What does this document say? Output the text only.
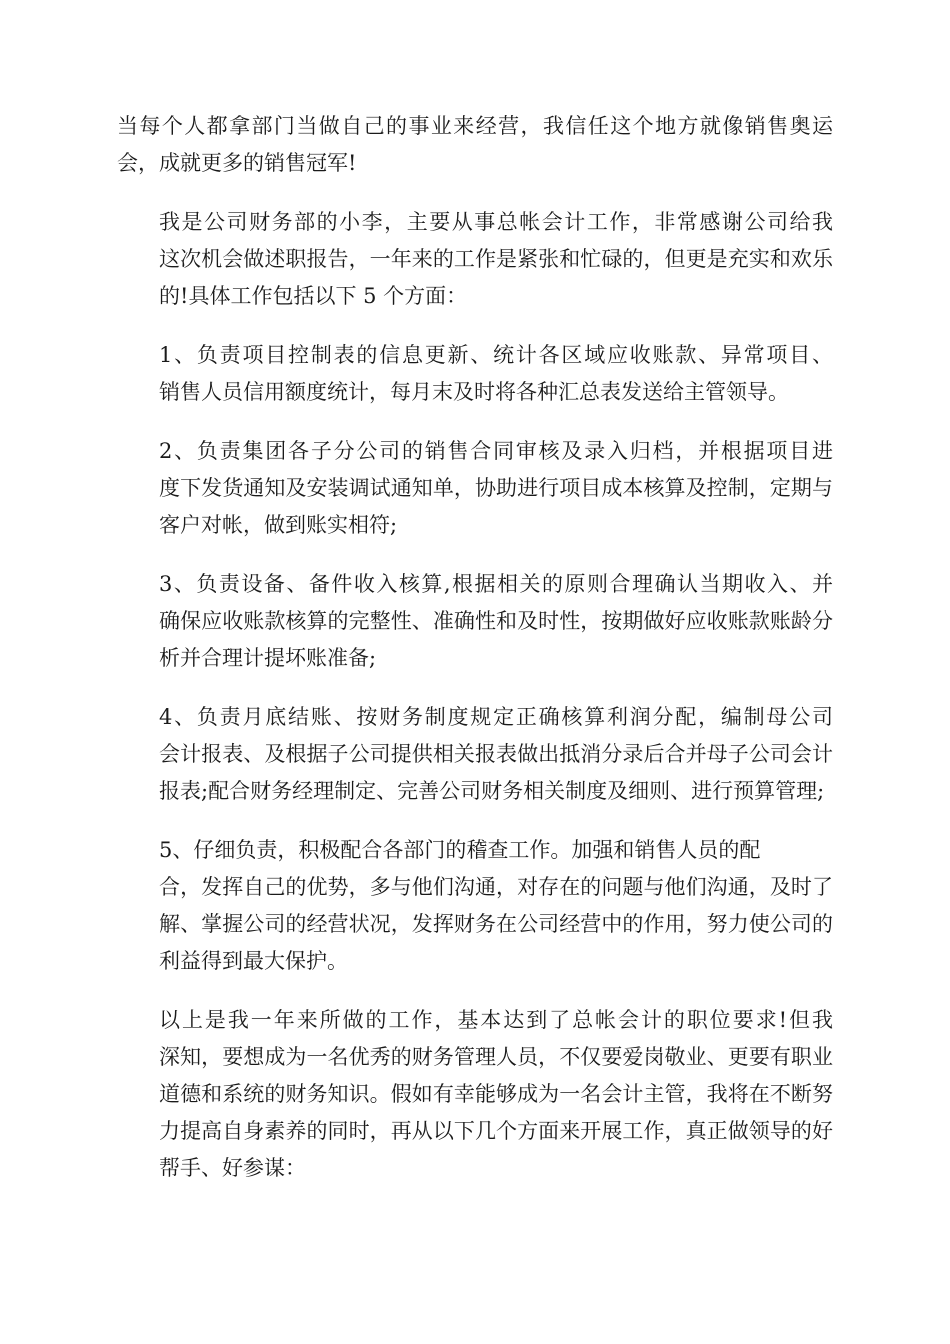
当每个人都拿部门当做自己的事业来经营，我信任这个地方就像销售奥运
会，成就更多的销售冠军!

我是公司财务部的小李，主要从事总帐会计工作，非常感谢公司给我
这次机会做述职报告，一年来的工作是紧张和忙碌的，但更是充实和欢乐
的!具体工作包括以下 5 个方面：

1、负责项目控制表的信息更新、统计各区域应收账款、异常项目、
销售人员信用额度统计，每月末及时将各种汇总表发送给主管领导。

2、负责集团各子分公司的销售合同审核及录入归档，并根据项目进
度下发货通知及安装调试通知单，协助进行项目成本核算及控制，定期与
客户对帐，做到账实相符;

3、负责设备、备件收入核算,根据相关的原则合理确认当期收入、并
确保应收账款核算的完整性、准确性和及时性，按期做好应收账款账龄分
析并合理计提坏账准备;

4、负责月底结账、按财务制度规定正确核算利润分配，编制母公司
会计报表、及根据子公司提供相关报表做出抵消分录后合并母子公司会计
报表;配合财务经理制定、完善公司财务相关制度及细则、进行预算管理;

5、仔细负责，积极配合各部门的稽查工作。加强和销售人员的配
合，发挥自己的优势，多与他们沟通，对存在的问题与他们沟通，及时了
解、掌握公司的经营状况，发挥财务在公司经营中的作用，努力使公司的
利益得到最大保护。

以上是我一年来所做的工作，基本达到了总帐会计的职位要求!但我
深知，要想成为一名优秀的财务管理人员，不仅要爱岗敬业、更要有职业
道德和系统的财务知识。假如有幸能够成为一名会计主管，我将在不断努
力提高自身素养的同时，再从以下几个方面来开展工作，真正做领导的好
帮手、好参谋：
